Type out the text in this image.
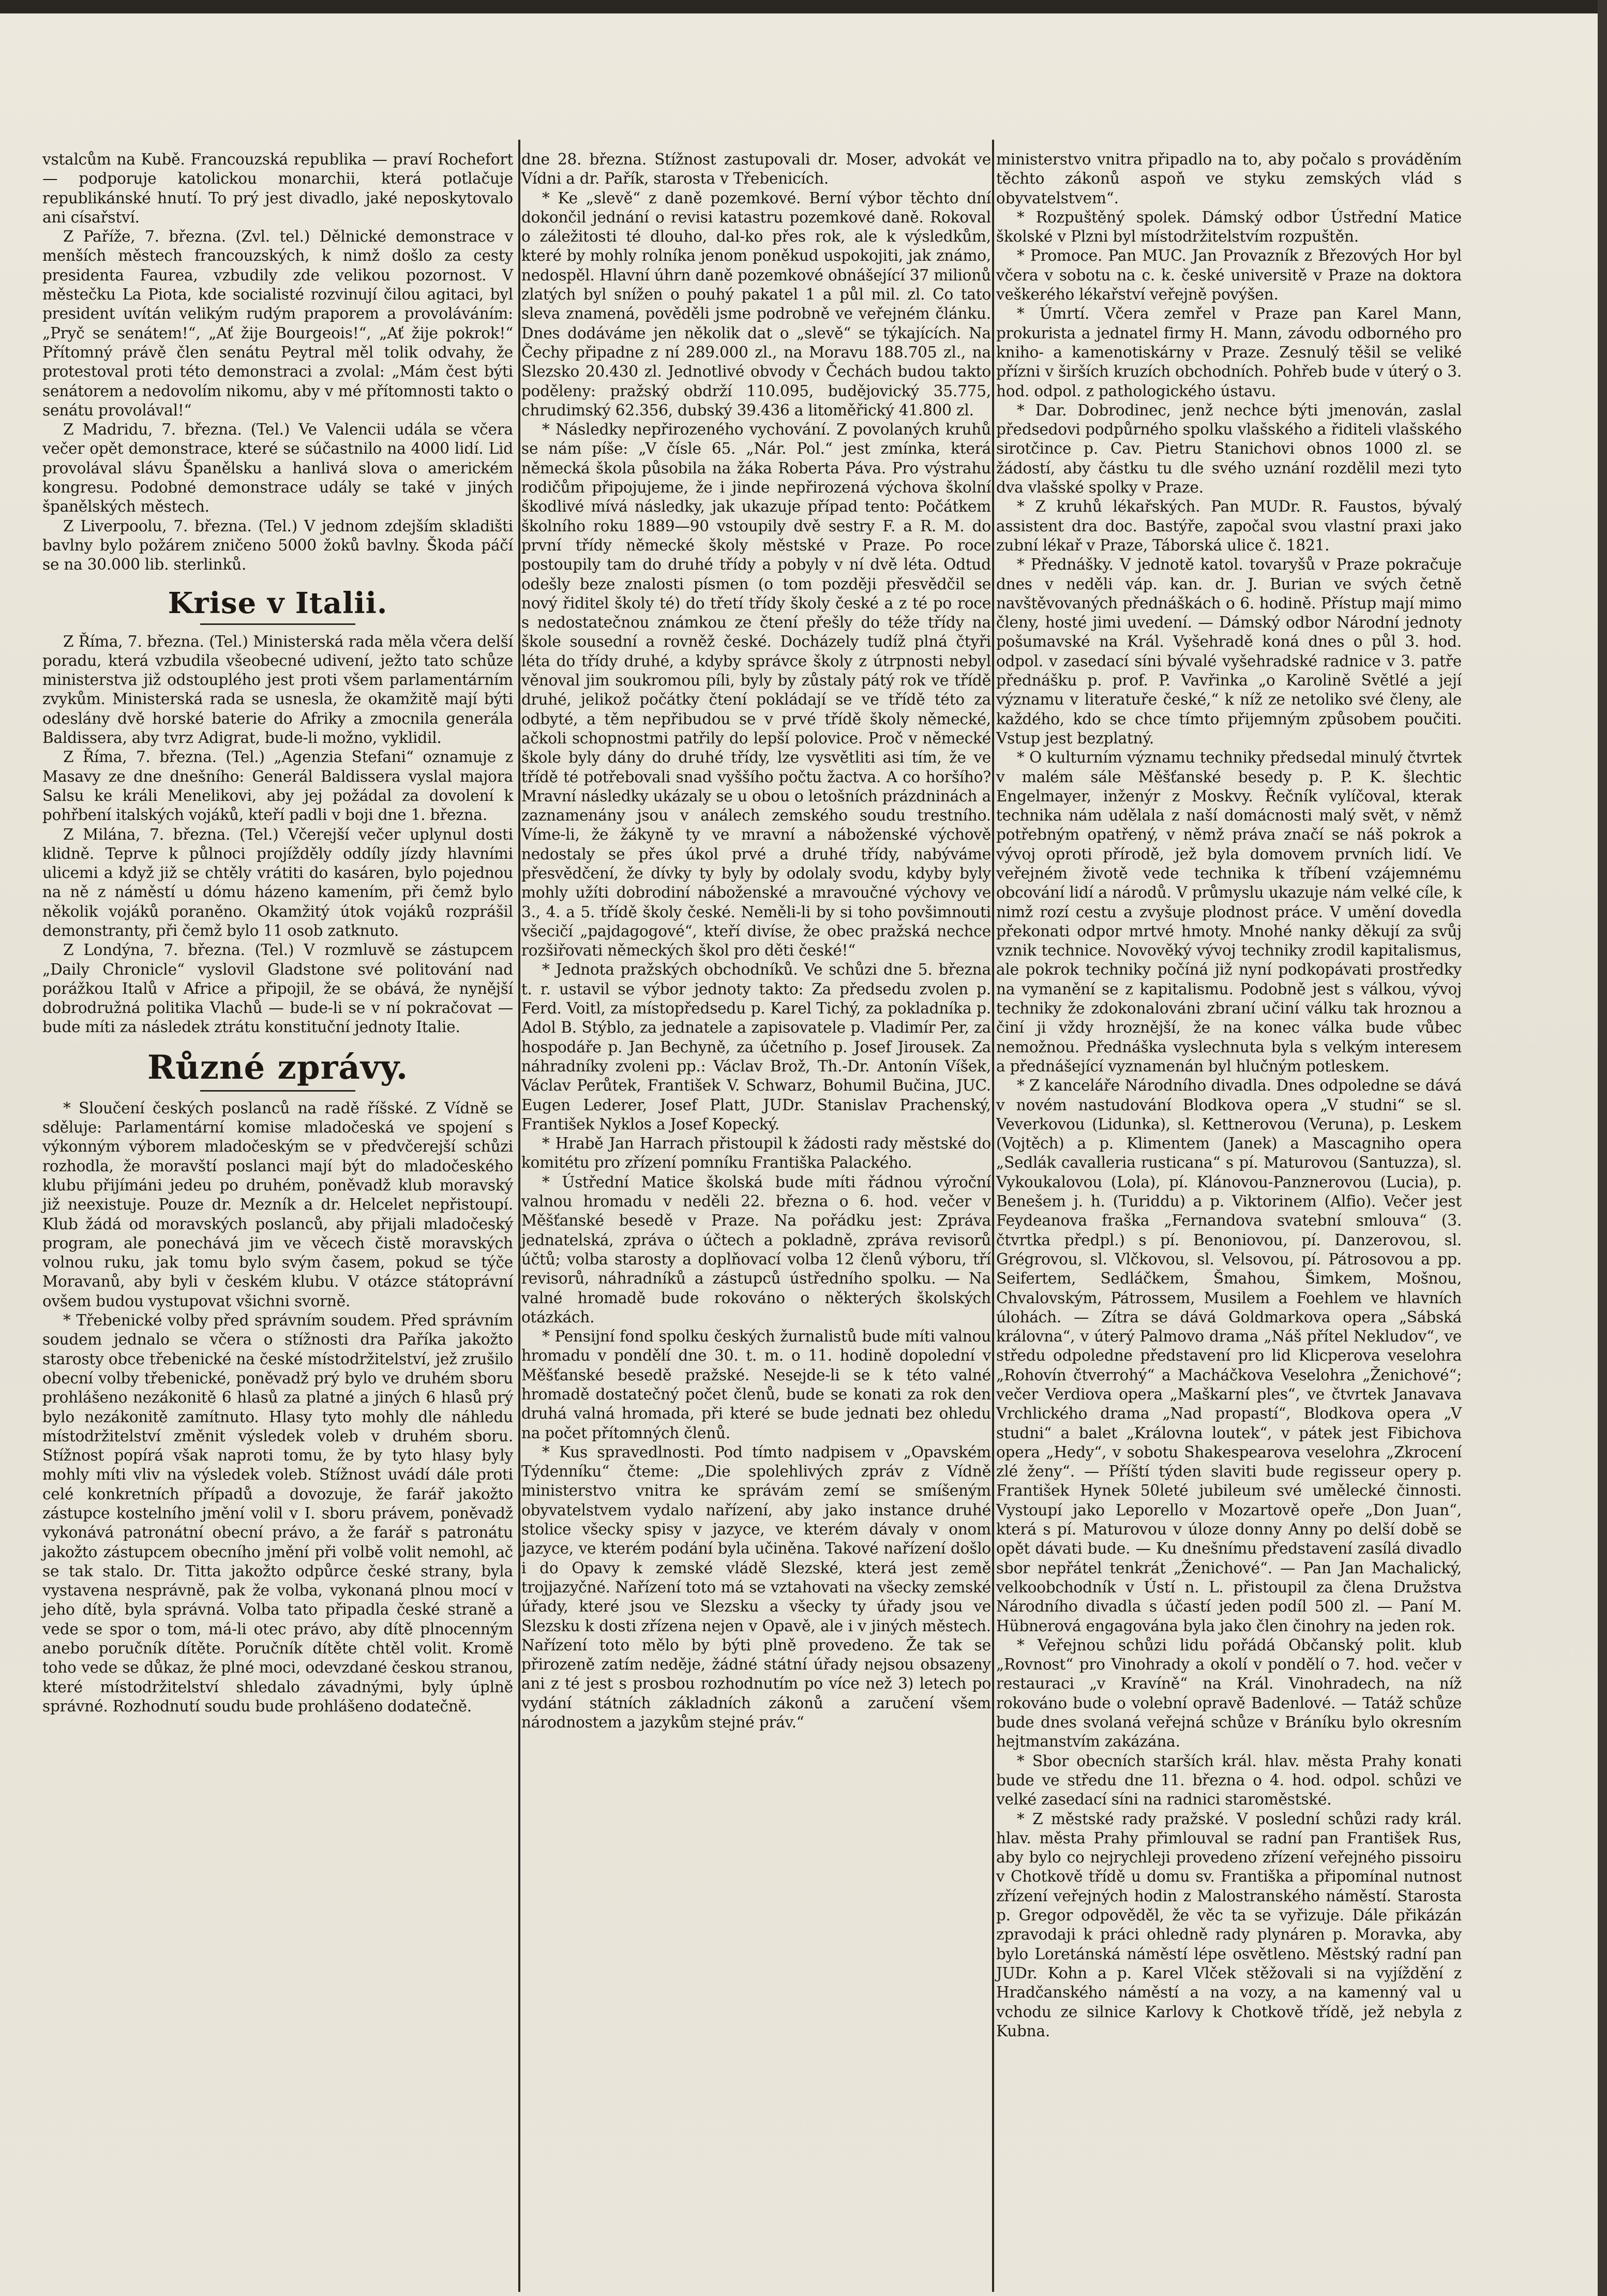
vstalcům na Kubě. Francouzská republika — praví Rochefort — podporuje katolickou monarchii, která potlačuje republikánské hnutí. To prý jest divadlo, jaké neposkytovalo ani císařství.

Z Paříže, 7. března. (Zvl. tel.) Dělnické demonstrace v menších městech francouzských, k nimž došlo za cesty presidenta Faurea, vzbudily zde velikou pozornost. V městečku La Piota, kde socialisté rozvinují čilou agitaci, byl president uvítán velikým rudým praporem a provoláváním: „Pryč se senátem!“, „Ať žije Bourgeois!“, „Ať žije pokrok!“ Přítomný právě člen senátu Peytral měl tolik odvahy, že protestoval proti této demonstraci a zvolal: „Mám čest býti senátorem a nedovolím nikomu, aby v mé přítomnosti takto o senátu provolával!“

Z Madridu, 7. března. (Tel.) Ve Valencii udála se včera večer opět demonstrace, které se súčastnilo na 4000 lidí. Lid provolával slávu Španělsku a hanlivá slova o americkém kongresu. Podobné demonstrace udály se také v jiných španělských městech.

Z Liverpoolu, 7. března. (Tel.) V jednom zdejším skladišti bavlny bylo požárem zničeno 5000 žoků bavlny. Škoda páčí se na 30.000 lib. sterlinků.

Krise v Italii.

Z Říma, 7. března. (Tel.) Ministerská rada měla včera delší poradu, která vzbudila všeobecné udivení, ježto tato schůze ministerstva již odstouplého jest proti všem parlamentárním zvykům. Ministerská rada se usnesla, že okamžitě mají býti odeslány dvě horské baterie do Afriky a zmocnila generála Baldissera, aby tvrz Adigrat, bude-li možno, vyklidil.

Z Říma, 7. března. (Tel.) „Agenzia Stefani“ oznamuje z Masavy ze dne dnešního: Generál Baldissera vyslal majora Salsu ke králi Menelikovi, aby jej požádal za dovolení k pohřbení italských vojáků, kteří padli v boji dne 1. března.

Z Milána, 7. března. (Tel.) Včerejší večer uplynul dosti klidně. Teprve k půlnoci projížděly oddíly jízdy hlavními ulicemi a když již se chtěly vrátiti do kasáren, bylo pojednou na ně z náměstí u dómu házeno kamením, při čemž bylo několik vojáků poraněno. Okamžitý útok vojáků rozprášil demonstranty, při čemž bylo 11 osob zatknuto.

Z Londýna, 7. března. (Tel.) V rozmluvě se zástupcem „Daily Chronicle“ vyslovil Gladstone své politování nad porážkou Italů v Africe a připojil, že se obává, že nynější dobrodružná politika Vlachů — bude-li se v ní pokračovat — bude míti za následek ztrátu konstituční jednoty Italie.

Různé zprávy.

* Sloučení českých poslanců na radě říšské. Z Vídně se sděluje: Parlamentární komise mladočeská ve spojení s výkonným výborem mladočeským se v předvčerejší schůzi rozhodla, že moravští poslanci mají být do mladočeského klubu přijímáni jedeu po druhém, poněvadž klub moravský již neexistuje. Pouze dr. Mezník a dr. Helcelet nepřistoupí. Klub žádá od moravských poslanců, aby přijali mladočeský program, ale ponechává jim ve věcech čistě moravských volnou ruku, jak tomu bylo svým časem, pokud se týče Moravanů, aby byli v českém klubu. V otázce státoprávní ovšem budou vystupovat všichni svorně.

* Třebenické volby před správním soudem. Před správním soudem jednalo se včera o stížnosti dra Paříka jakožto starosty obce třebenické na české místodržitelství, jež zrušilo obecní volby třebenické, poněvadž prý bylo ve druhém sboru prohlášeno nezákonitě 6 hlasů za platné a jiných 6 hlasů prý bylo nezákonitě zamítnuto. Hlasy tyto mohly dle náhledu místodržitelství změnit výsledek voleb v druhém sboru. Stížnost popírá však naproti tomu, že by tyto hlasy byly mohly míti vliv na výsledek voleb. Stížnost uvádí dále proti celé konkretních případů a dovozuje, že farář jakožto zástupce kostelního jmění volil v I. sboru právem, poněvadž vykonává patronátní obecní právo, a že farář s patronátu jakožto zástupcem obecního jmění při volbě volit nemohl, ač se tak stalo. Dr. Titta jakožto odpůrce české strany, byla vystavena nesprávně, pak že volba, vykonaná plnou mocí v jeho dítě, byla správná. Volba tato připadla české straně a vede se spor o tom, má-li otec právo, aby dítě plnocenným anebo poručník dítěte. Poručník dítěte chtěl volit. Kromě toho vede se důkaz, že plné moci, odevzdané českou stranou, které místodržitelství shledalo závadnými, byly úplně správné. Rozhodnutí soudu bude prohlášeno dodatečně.

dne 28. března. Stížnost zastupovali dr. Moser, advokát ve Vídni a dr. Pařík, starosta v Třebenicích.

* Ke „slevě“ z daně pozemkové. Berní výbor těchto dní dokončil jednání o revisi katastru pozemkové daně. Rokoval o záležitosti té dlouho, dal-ko přes rok, ale k výsledkům, které by mohly rolníka jenom poněkud uspokojiti, jak známo, nedospěl. Hlavní úhrn daně pozemkové obnášející 37 milionů zlatých byl snížen o pouhý pakatel 1 a půl mil. zl. Co tato sleva znamená, pověděli jsme podrobně ve veřejném článku. Dnes dodáváme jen několik dat o „slevě“ se týkajících. Na Čechy připadne z ní 289.000 zl., na Moravu 188.705 zl., na Slezsko 20.430 zl. Jednotlivé obvody v Čechách budou takto poděleny: pražský obdrží 110.095, budějovický 35.775, chrudimský 62.356, dubský 39.436 a litoměřický 41.800 zl.

* Následky nepřirozeného vychování. Z povolaných kruhů se nám píše: „V čísle 65. „Nár. Pol.“ jest zmínka, která německá škola působila na žáka Roberta Páva. Pro výstrahu rodičům připojujeme, že i jinde nepřirozená výchova školní škodlivé mívá následky, jak ukazuje případ tento: Počátkem školního roku 1889—90 vstoupily dvě sestry F. a R. M. do první třídy německé školy městské v Praze. Po roce postoupily tam do druhé třídy a pobyly v ní dvě léta. Odtud odešly beze znalosti písmen (o tom později přesvědčil se nový řiditel školy té) do třetí třídy školy české a z té po roce s nedostatečnou známkou ze čtení přešly do téže třídy na škole sousední a rovněž české. Docházely tudíž plná čtyři léta do třídy druhé, a kdyby správce školy z útrpnosti nebyl věnoval jim soukromou píli, byly by zůstaly pátý rok ve třídě druhé, jelikož počátky čtení pokládají se ve třídě této za odbyté, a těm nepřibudou se v prvé třídě školy německé, ačkoli schopnostmi patřily do lepší polovice. Proč v německé škole byly dány do druhé třídy, lze vysvětliti asi tím, že ve třídě té potřebovali snad vyššího počtu žactva. A co horšího? Mravní následky ukázaly se u obou o letošních prázdninách a zaznamenány jsou v análech zemského soudu trestního. Víme-li, že žákyně ty ve mravní a náboženské výchově nedostaly se přes úkol prvé a druhé třídy, nabýváme přesvědčení, že dívky ty byly by odolaly svodu, kdyby byly mohly užíti dobrodiní náboženské a mravoučné výchovy ve 3., 4. a 5. třídě školy české. Neměli-li by si toho povšimnouti všecičí „pajdagogové“, kteří divíse, že obec pražská nechce rozšiřovati německých škol pro děti české!“

* Jednota pražských obchodníků. Ve schůzi dne 5. března t. r. ustavil se výbor jednoty takto: Za předsedu zvolen p. Ferd. Voitl, za místopředsedu p. Karel Tichý, za pokladníka p. Adol B. Stýblo, za jednatele a zapisovatele p. Vladimír Per, za hospodáře p. Jan Bechyně, za účetního p. Josef Jirousek. Za náhradníky zvoleni pp.: Václav Brož, Th.-Dr. Antonín Víšek, Václav Perůtek, František V. Schwarz, Bohumil Bučina, JUC. Eugen Lederer, Josef Platt, JUDr. Stanislav Prachenský, František Nyklos a Josef Kopecký.

* Hrabě Jan Harrach přistoupil k žádosti rady městské do komitétu pro zřízení pomníku Františka Palackého.

* Ústřední Matice školská bude míti řádnou výroční valnou hromadu v neděli 22. března o 6. hod. večer v Měšťanské besedě v Praze. Na pořádku jest: Zpráva jednatelská, zpráva o účtech a pokladně, zpráva revisorů účtů; volba starosty a doplňovací volba 12 členů výboru, tří revisorů, náhradníků a zástupců ústředního spolku. — Na valné hromadě bude rokováno o některých školských otázkách.

* Pensijní fond spolku českých žurnalistů bude míti valnou hromadu v pondělí dne 30. t. m. o 11. hodině dopolední v Měšťanské besedě pražské. Nesejde-li se k této valné hromadě dostatečný počet členů, bude se konati za rok den druhá valná hromada, při které se bude jednati bez ohledu na počet přítomných členů.

* Kus spravedlnosti. Pod tímto nadpisem v „Opavském Týdenníku“ čteme: „Die spolehlivých zpráv z Vídně ministerstvo vnitra ke správám zemí se smíšeným obyvatelstvem vydalo nařízení, aby jako instance druhé stolice všecky spisy v jazyce, ve kterém dávaly v onom jazyce, ve kterém podání byla učiněna. Takové nařízení došlo i do Opavy k zemské vládě Slezské, která jest země trojjazyčné. Nařízení toto má se vztahovati na všecky zemské úřady, které jsou ve Slezsku a všecky ty úřady jsou ve Slezsku k dosti zřízena nejen v Opavě, ale i v jiných městech. Nařízení toto mělo by býti plně provedeno. Že tak se přirozeně zatím neděje, žádné státní úřady nejsou obsazeny ani z té jest s prosbou rozhodnutím po více než 3) letech po vydání státních základních zákonů a zaručení všem národnostem a jazykům stejné práv.“

ministerstvo vnitra připadlo na to, aby počalo s prováděním těchto zákonů aspoň ve styku zemských vlád s obyvatelstvem“.

* Rozpuštěný spolek. Dámský odbor Ústřední Matice školské v Plzni byl místodržitelstvím rozpuštěn.

* Promoce. Pan MUC. Jan Provazník z Březových Hor byl včera v sobotu na c. k. české universitě v Praze na doktora veškerého lékařství veřejně povýšen.

* Úmrtí. Včera zemřel v Praze pan Karel Mann, prokurista a jednatel firmy H. Mann, závodu odborného pro kniho- a kamenotiskárny v Praze. Zesnulý těšil se veliké přízni v širších kruzích obchodních. Pohřeb bude v úterý o 3. hod. odpol. z pathologického ústavu.

* Dar. Dobrodinec, jenž nechce býti jmenován, zaslal předsedovi podpůrného spolku vlašského a řiditeli vlašského sirotčince p. Cav. Pietru Stanichovi obnos 1000 zl. se žádostí, aby částku tu dle svého uznání rozdělil mezi tyto dva vlašské spolky v Praze.

* Z kruhů lékařských. Pan MUDr. R. Faustos, bývalý assistent dra doc. Bastýře, započal svou vlastní praxi jako zubní lékař v Praze, Táborská ulice č. 1821.

* Přednášky. V jednotě katol. tovaryšů v Praze pokračuje dnes v neděli váp. kan. dr. J. Burian ve svých četně navštěvovaných přednáškách o 6. hodině. Přístup mají mimo členy, hosté jimi uvedení. — Dámský odbor Národní jednoty pošumavské na Král. Vyšehradě koná dnes o půl 3. hod. odpol. v zasedací síni bývalé vyšehradské radnice v 3. patře přednášku p. prof. P. Vavřinka „o Karolině Světlé a její významu v literatuře české,“ k níž ze netoliko své členy, ale každého, kdo se chce tímto přijemným způsobem poučiti. Vstup jest bezplatný.

* O kulturním významu techniky předsedal minulý čtvrtek v malém sále Měšťanské besedy p. P. K. šlechtic Engelmayer, inženýr z Moskvy. Řečník vylíčoval, kterak technika nám udělala z naší domácnosti malý svět, v němž potřebným opatřený, v němž práva značí se náš pokrok a vývoj oproti přírodě, jež byla domovem prvních lidí. Ve veřejném životě vede technika k tříbení vzájemnému obcování lidí a národů. V průmyslu ukazuje nám velké cíle, k nimž rozí cestu a zvyšuje plodnost práce. V umění dovedla překonati odpor mrtvé hmoty. Mnohé nanky děkují za svůj vznik technice. Novověký vývoj techniky zrodil kapitalismus, ale pokrok techniky počíná již nyní podkopávati prostředky na vymanění se z kapitalismu. Podobně jest s válkou, vývoj techniky že zdokonalováni zbraní učiní válku tak hroznou a činí ji vždy hroznější, že na konec válka bude vůbec nemožnou. Přednáška vyslechnuta byla s velkým interesem a přednášející vyznamenán byl hlučným potleskem.

* Z kanceláře Národního divadla. Dnes odpoledne se dává v novém nastudování Blodkova opera „V studni“ se sl. Veverkovou (Lidunka), sl. Kettnerovou (Veruna), p. Leskem (Vojtěch) a p. Klimentem (Janek) a Mascagniho opera „Sedlák cavalleria rusticana“ s pí. Maturovou (Santuzza), sl. Vykoukalovou (Lola), pí. Klánovou-Panznerovou (Lucia), p. Benešem j. h. (Turiddu) a p. Viktorinem (Alfio). Večer jest Feydeanova fraška „Fernandova svatební smlouva“ (3. čtvrtka předpl.) s pí. Benoniovou, pí. Danzerovou, sl. Grégrovou, sl. Vlčkovou, sl. Velsovou, pí. Pátrosovou a pp. Seifertem, Sedláčkem, Šmahou, Šimkem, Mošnou, Chvalovským, Pátrossem, Musilem a Foehlem ve hlavních úlohách. — Zítra se dává Goldmarkova opera „Sábská královna“, v úterý Palmovo drama „Náš přítel Nekludov“, ve středu odpoledne představení pro lid Klicperova veselohra „Rohovín čtverrohý“ a Macháčkova Veselohra „Ženichové“; večer Verdiova opera „Maškarní ples“, ve čtvrtek Janavava Vrchlického drama „Nad propastí“, Blodkova opera „V studni“ a balet „Královna loutek“, v pátek jest Fibichova opera „Hedy“, v sobotu Shakespearova veselohra „Zkrocení zlé ženy“. — Příští týden slaviti bude regisseur opery p. František Hynek 50leté jubileum své umělecké činnosti. Vystoupí jako Leporello v Mozartově opeře „Don Juan“, která s pí. Maturovou v úloze donny Anny po delší době se opět dávati bude. — Ku dnešnímu představení zasílá divadlo sbor nepřátel tenkrát „Ženichové“. — Pan Jan Machalický, velkoobchodník v Ústí n. L. přistoupil za člena Družstva Národního divadla s účastí jeden podíl 500 zl. — Paní M. Hübnerová engagována byla jako člen činohry na jeden rok.

* Veřejnou schůzi lidu pořádá Občanský polit. klub „Rovnost“ pro Vinohrady a okolí v pondělí o 7. hod. večer v restauraci „v Kravíně“ na Král. Vinohradech, na níž rokováno bude o volební opravě Badenlové. — Tatáž schůze bude dnes svolaná veřejná schůze v Bráníku bylo okresním hejtmanstvím zakázána.

* Sbor obecních starších král. hlav. města Prahy konati bude ve středu dne 11. března o 4. hod. odpol. schůzi ve velké zasedací síni na radnici staroměstské.

* Z městské rady pražské. V poslední schůzi rady král. hlav. města Prahy přimlouval se radní pan František Rus, aby bylo co nejrychleji provedeno zřízení veřejného pissoiru v Chotkově třídě u domu sv. Františka a připomínal nutnost zřízení veřejných hodin z Malostranského náměstí. Starosta p. Gregor odpověděl, že věc ta se vyřizuje. Dále přikázán zpravodaji k práci ohledně rady plynáren p. Moravka, aby bylo Loretánská náměstí lépe osvětleno. Městský radní pan JUDr. Kohn a p. Karel Vlček stěžovali si na vyjíždění z Hradčanského náměstí a na vozy, a na kamenný val u vchodu ze silnice Karlovy k Chotkově třídě, jež nebyla z Kubna.
